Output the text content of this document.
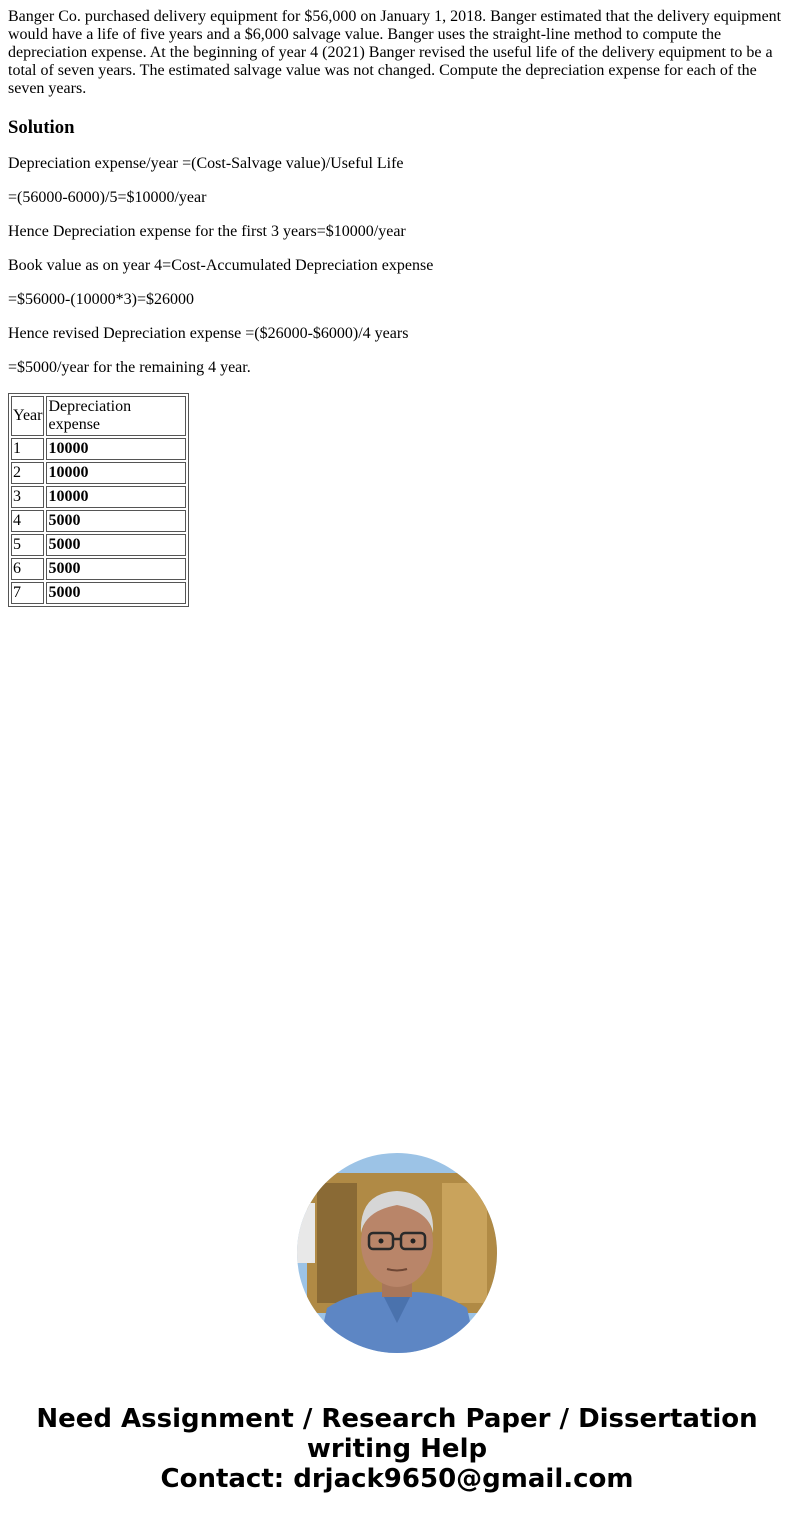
Banger Co. purchased delivery equipment for $56,000 on January 1, 2018. Banger estimated that the delivery equipment would have a life of five years and a $6,000 salvage value. Banger uses the straight-line method to compute the depreciation expense. At the beginning of year 4 (2021) Banger revised the useful life of the delivery equipment to be a total of seven years. The estimated salvage value was not changed. Compute the depreciation expense for each of the seven years.

Solution

Depreciation expense/year =(Cost-Salvage value)/Useful Life

=(56000-6000)/5=$10000/year

Hence Depreciation expense for the first 3 years=$10000/year

Book value as on year 4=Cost-Accumulated Depreciation expense

=$56000-(10000*3)=$26000

Hence revised Depreciation expense =($26000-$6000)/4 years

=$5000/year for the remaining 4 year.

Year	Depreciation expense
1	10000
2	10000
3	10000
4	5000
5	5000
6	5000
7	5000
Need Assignment / Research Paper / Dissertation
writing Help
Contact: drjack9650@gmail.com
